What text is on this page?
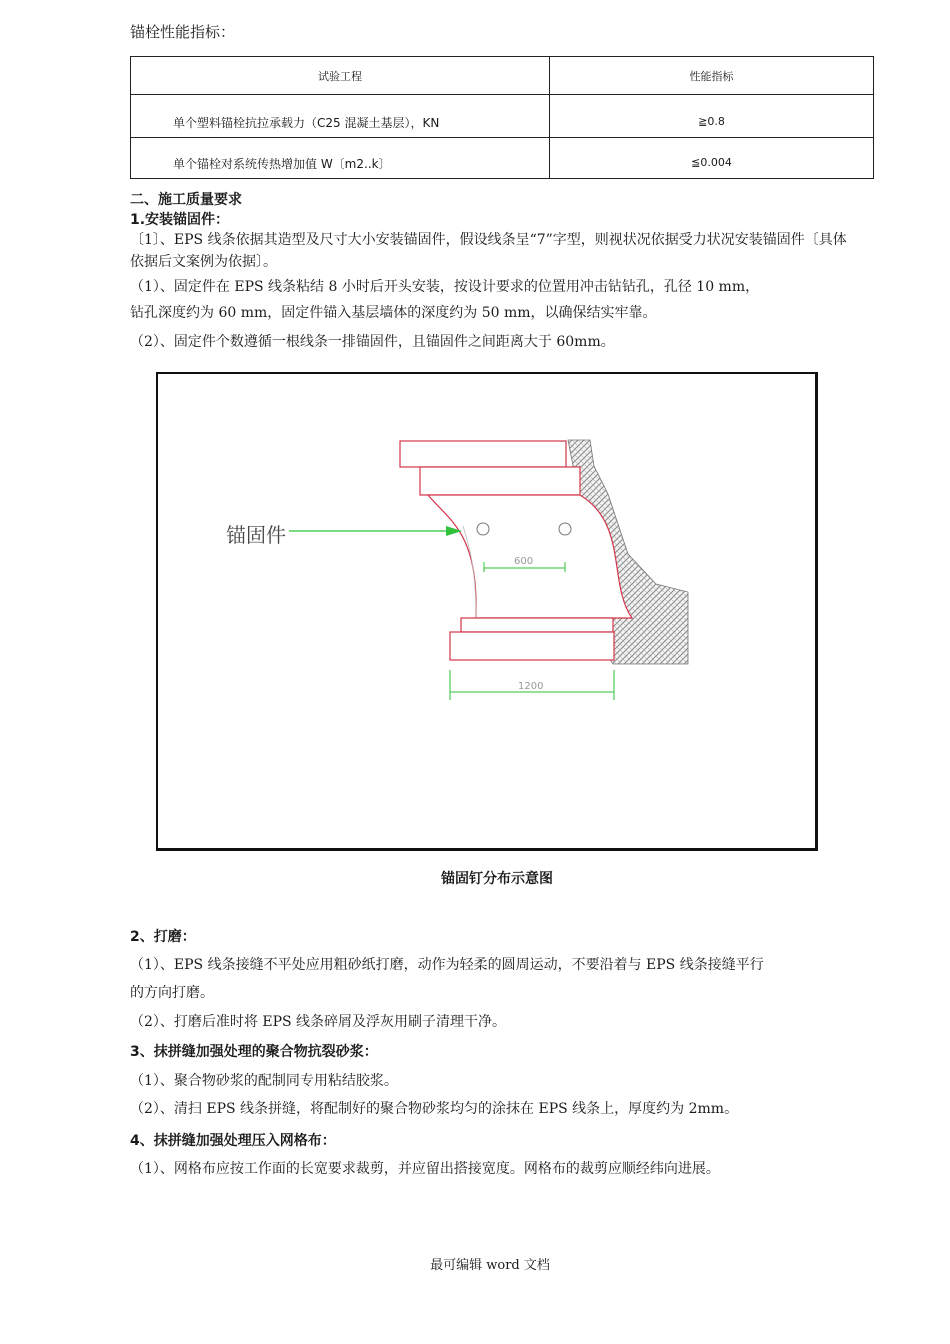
锚栓性能指标：
试验工程	性能指标

单个塑料锚栓抗拉承载力（C25 混凝土基层），KN	≧0.8

单个锚栓对系统传热增加值 W〔m2..k〕	≦0.004
二、施工质量要求
1.安装锚固件：
〔1〕、EPS 线条依据其造型及尺寸大小安装锚固件，假设线条呈“7”字型，则视状况依据受力状况安装锚固件〔具体依据后文案例为依据〕。
（1）、固定件在 EPS 线条粘结 8 小时后开头安装，按设计要求的位置用冲击钻钻孔，孔径 10 mm，
钻孔深度约为 60 mm，固定件锚入基层墙体的深度约为 50 mm，以确保结实牢靠。
（2）、固定件个数遵循一根线条一排锚固件，且锚固件之间距离大于 60mm。
锚固件
600
1200
锚固钉分布示意图
2、打磨：
（1）、EPS 线条接缝不平处应用粗砂纸打磨，动作为轻柔的圆周运动，不要沿着与 EPS 线条接缝平行
的方向打磨。
（2）、打磨后准时将 EPS 线条碎屑及浮灰用刷子清理干净。
3、抹拼缝加强处理的聚合物抗裂砂浆：
（1）、聚合物砂浆的配制同专用粘结胶浆。
（2）、清扫 EPS 线条拼缝，将配制好的聚合物砂浆均匀的涂抹在 EPS 线条上，厚度约为 2mm。
4、抹拼缝加强处理压入网格布：
（1）、网格布应按工作面的长宽要求裁剪，并应留出搭接宽度。网格布的裁剪应顺经纬向进展。
最可编辑 word 文档
